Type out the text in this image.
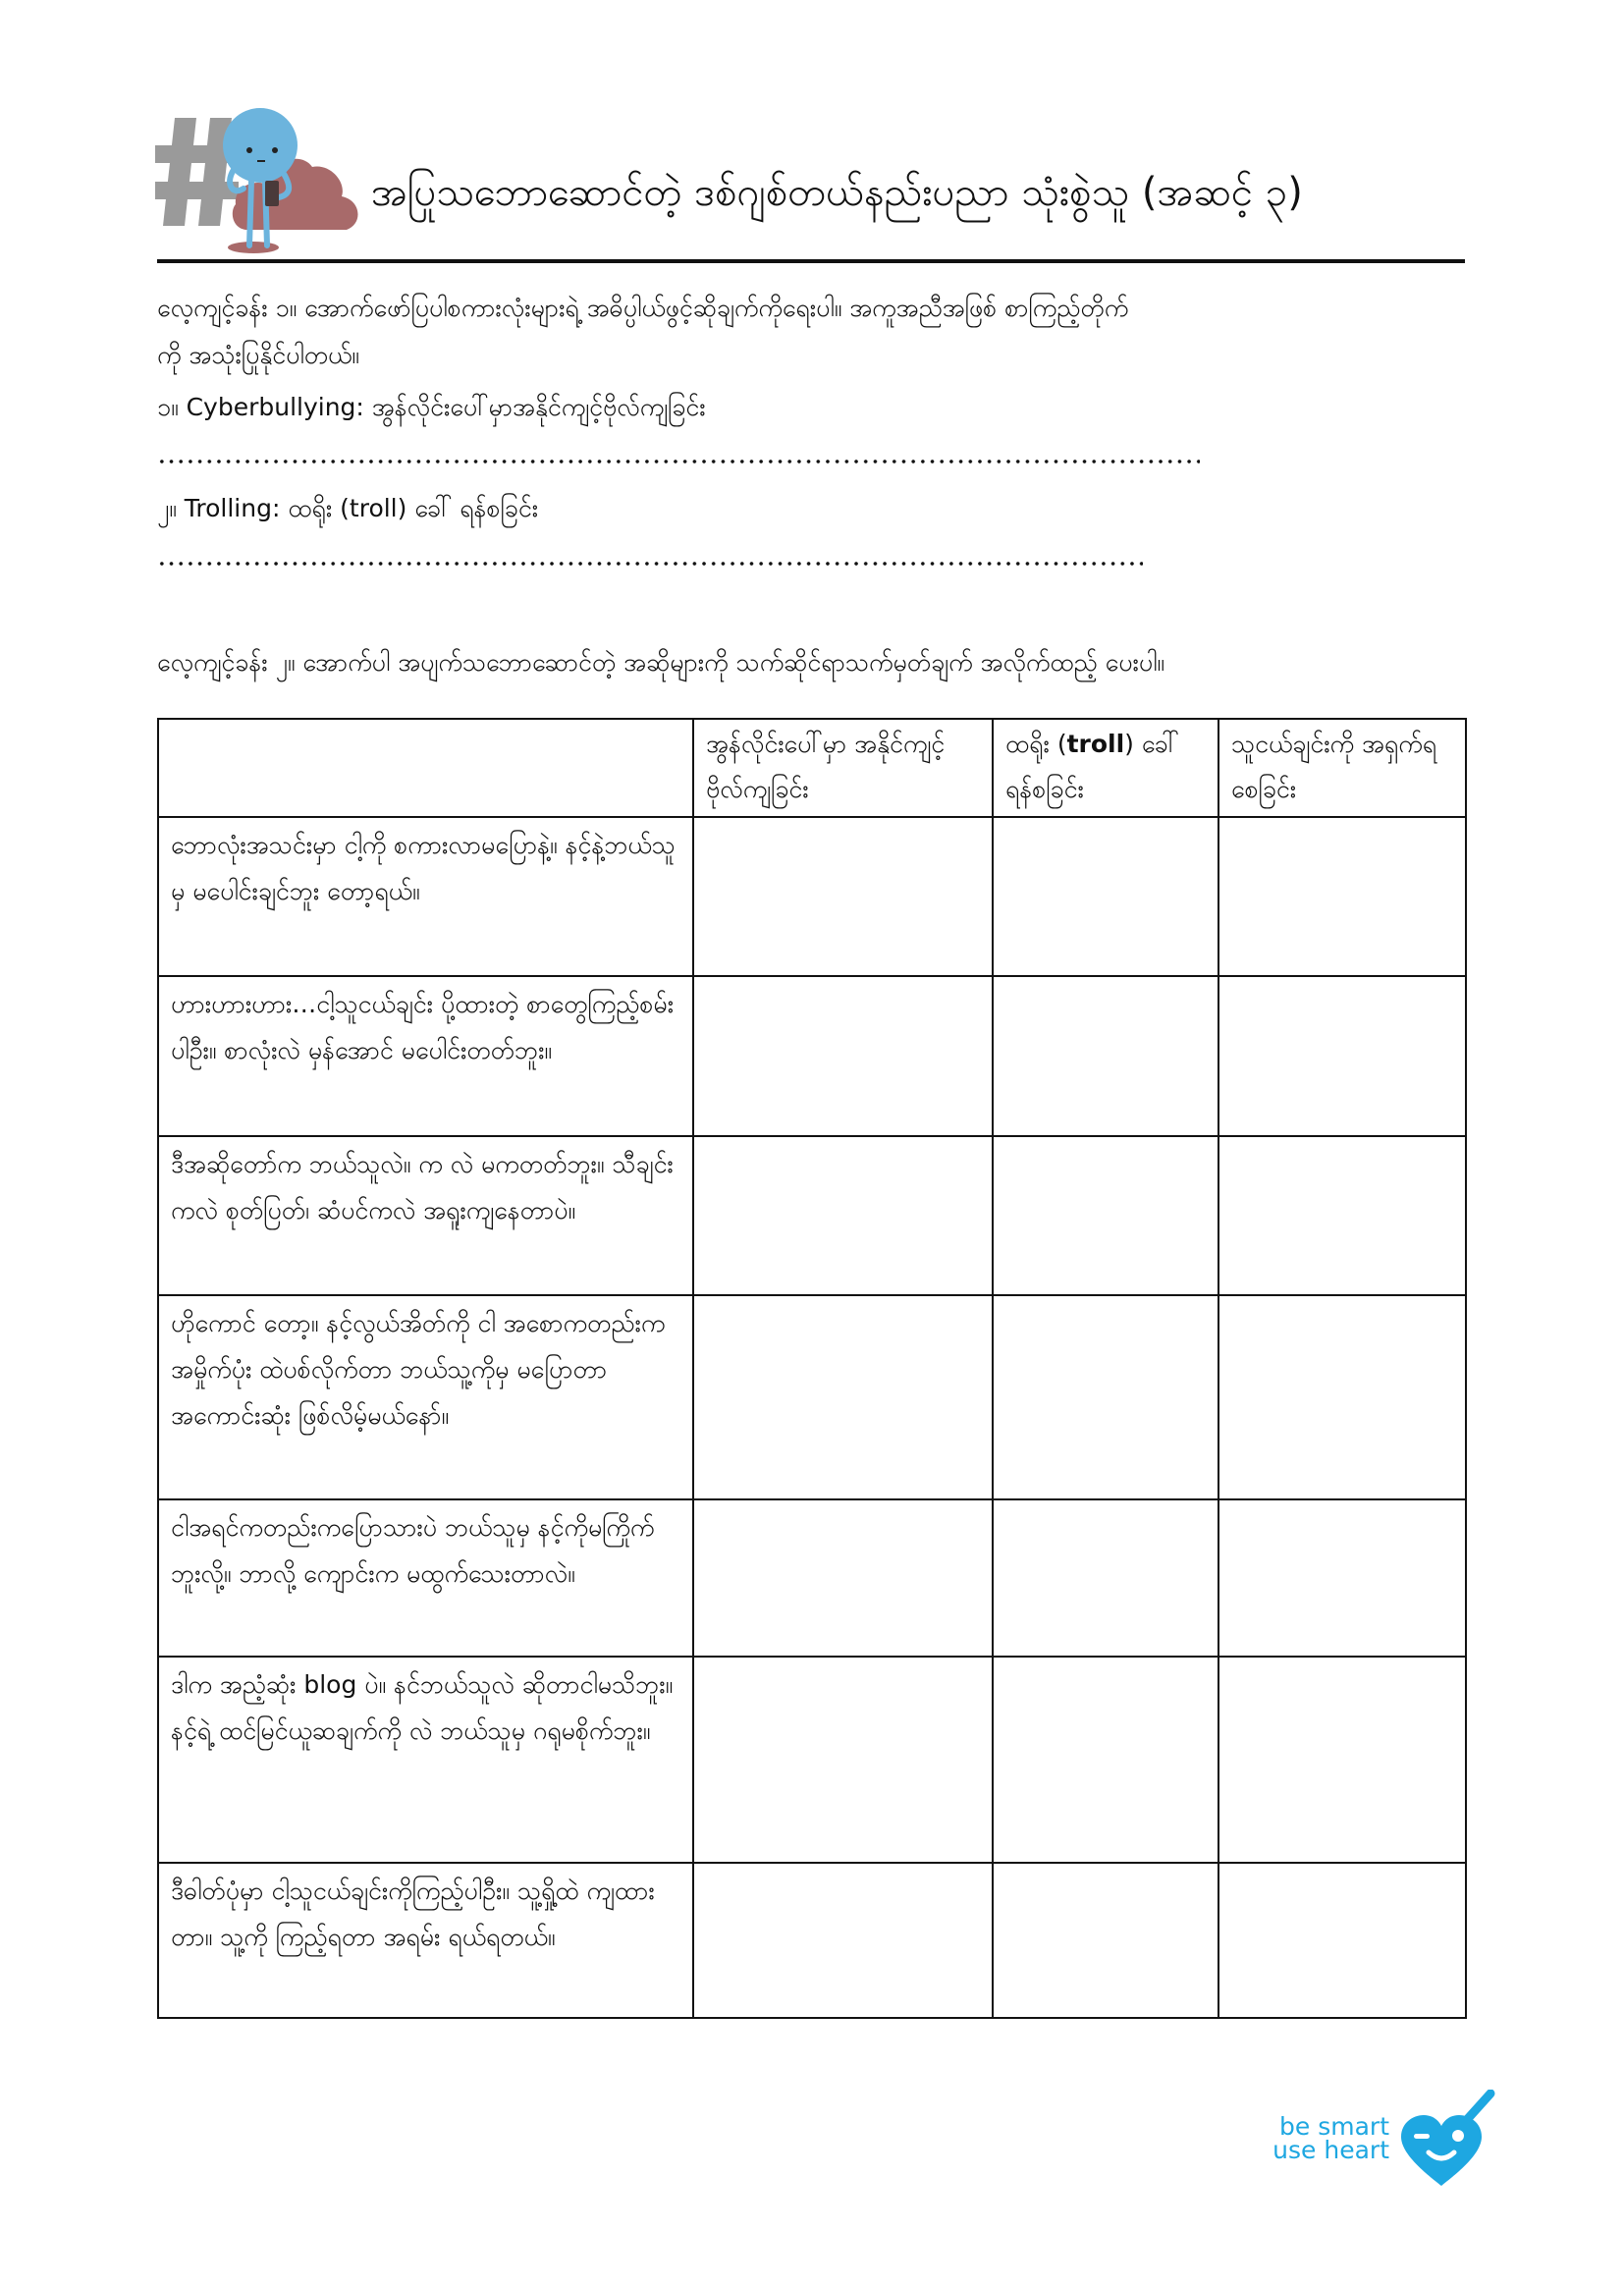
အပြုသဘောဆောင်တဲ့ ဒစ်ဂျစ်တယ်နည်းပညာ သုံးစွဲသူ (အဆင့် ၃)
လေ့ကျင့်ခန်း ၁။ အောက်ဖော်ပြပါစကားလုံးများရဲ့ အဓိပ္ပါယ်ဖွင့်ဆိုချက်ကိုရေးပါ။ အကူအညီအဖြစ် စာကြည့်တိုက်
ကို အသုံးပြုနိုင်ပါတယ်။
၁။ Cyberbullying: အွန်လိုင်းပေါ်မှာအနိုင်ကျင့်ဗိုလ်ကျခြင်း
၂။ Trolling: ထရိုး (troll) ခေါ် ရန်စခြင်း
လေ့ကျင့်ခန်း ၂။ အောက်ပါ အပျက်သဘောဆောင်တဲ့ အဆိုများကို သက်ဆိုင်ရာသက်မှတ်ချက် အလိုက်ထည့် ပေးပါ။
	အွန်လိုင်းပေါ်မှာ အနိုင်ကျင့်ဗိုလ်ကျခြင်း	ထရိုး (troll) ခေါ် ရန်စခြင်း	သူငယ်ချင်းကို အရှက်ရစေခြင်း
ဘောလုံးအသင်းမှာ ငါ့ကို စကားလာမပြောနဲ့။ နင့်နဲ့ဘယ်သူမှ မပေါင်းချင်ဘူး တော့ရယ်။			
ဟားဟားဟား…ငါ့သူငယ်ချင်း ပို့ထားတဲ့ စာတွေကြည့်စမ်းပါဦး။ စာလုံးလဲ မှန်အောင် မပေါင်းတတ်ဘူး။			
ဒီအဆိုတော်က ဘယ်သူလဲ။ က လဲ မကတတ်ဘူး။ သီချင်းကလဲ စုတ်ပြတ်၊ ဆံပင်ကလဲ အရူးကျနေတာပဲ။			
ဟိုကောင် တော့။ နင့်လွယ်အိတ်ကို ငါ အစောကတည်းက အမှိုက်ပုံး ထဲပစ်လိုက်တာ ဘယ်သူ့ကိုမှ မပြောတာ အကောင်းဆုံး ဖြစ်လိမ့်မယ်နော်။			
ငါအရင်ကတည်းကပြောသားပဲ ဘယ်သူမှ နင့်ကိုမကြိုက်ဘူးလို့။ ဘာလို့ ကျောင်းက မထွက်သေးတာလဲ။			
ဒါက အညံ့ဆုံး blog ပဲ။ နင်ဘယ်သူလဲ ဆိုတာငါမသိဘူး။ နင့်ရဲ့ ထင်မြင်ယူဆချက်ကို လဲ ဘယ်သူမှ ဂရုမစိုက်ဘူး။			
ဒီဓါတ်ပုံမှာ ငါ့သူငယ်ချင်းကိုကြည့်ပါဦး။ သူ့ရှို့ထဲ ကျထားတာ။ သူ့ကို ကြည့်ရတာ အရမ်း ရယ်ရတယ်။			
be smart
use heart
